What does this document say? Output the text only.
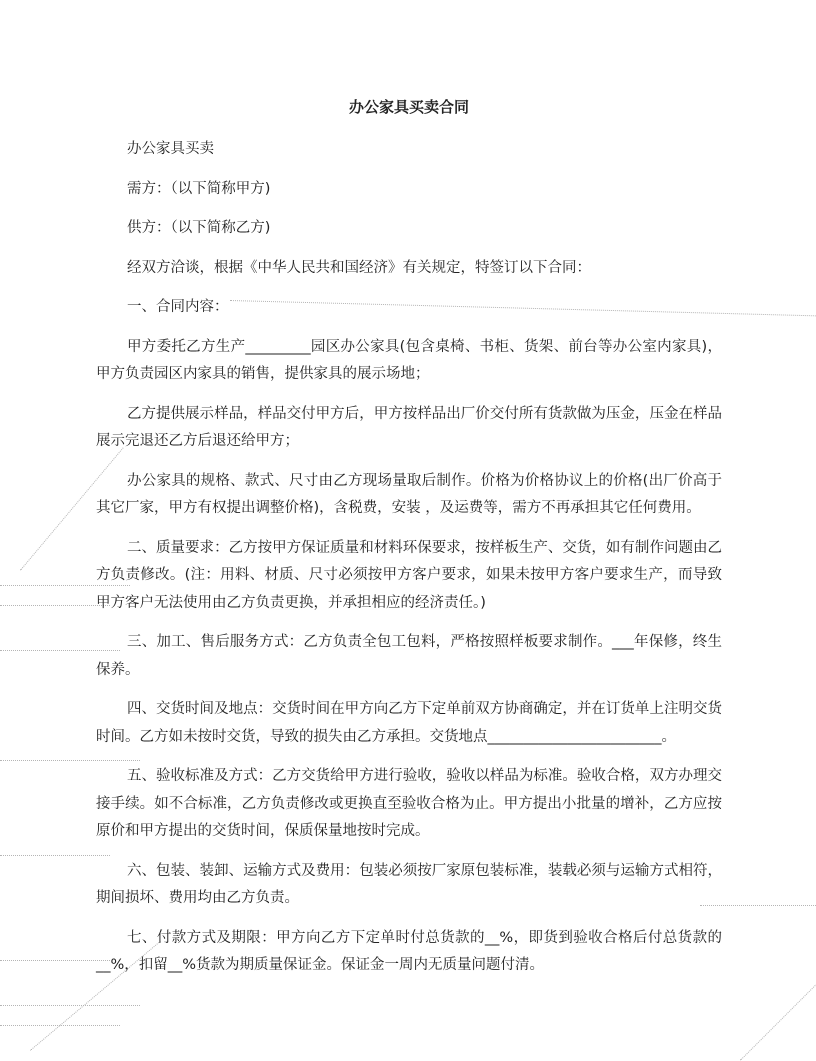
办公家具买卖合同

办公家具买卖

需方：（以下简称甲方)

供方：（以下简称乙方)

经双方洽谈，根据《中华人民共和国经济》有关规定，特签订以下合同：

一、合同内容：

甲方委托乙方生产_________园区办公家具(包含桌椅、书柜、货架、前台等办公室内家具)，甲方负责园区内家具的销售，提供家具的展示场地；

乙方提供展示样品，样品交付甲方后，甲方按样品出厂价交付所有货款做为压金，压金在样品展示完退还乙方后退还给甲方；

办公家具的规格、款式、尺寸由乙方现场量取后制作。价格为价格协议上的价格(出厂价高于其它厂家，甲方有权提出调整价格)，含税费，安装 ，及运费等，需方不再承担其它任何费用。

二、质量要求：乙方按甲方保证质量和材料环保要求，按样板生产、交货，如有制作问题由乙方负责修改。(注：用料、材质、尺寸必须按甲方客户要求，如果未按甲方客户要求生产，而导致甲方客户无法使用由乙方负责更换，并承担相应的经济责任。)

三、加工、售后服务方式：乙方负责全包工包料，严格按照样板要求制作。___年保修，终生保养。

四、交货时间及地点：交货时间在甲方向乙方下定单前双方协商确定，并在订货单上注明交货时间。乙方如未按时交货，导致的损失由乙方承担。交货地点________________________。

五、验收标准及方式：乙方交货给甲方进行验收，验收以样品为标准。验收合格，双方办理交接手续。如不合标准，乙方负责修改或更换直至验收合格为止。甲方提出小批量的增补，乙方应按原价和甲方提出的交货时间，保质保量地按时完成。

六、包装、装卸、运输方式及费用：包装必须按厂家原包装标准，装载必须与运输方式相符，期间损坏、费用均由乙方负责。

七、付款方式及期限：甲方向乙方下定单时付总货款的__%，即货到验收合格后付总货款的__%，扣留__%货款为期质量保证金。保证金一周内无质量问题付清。
